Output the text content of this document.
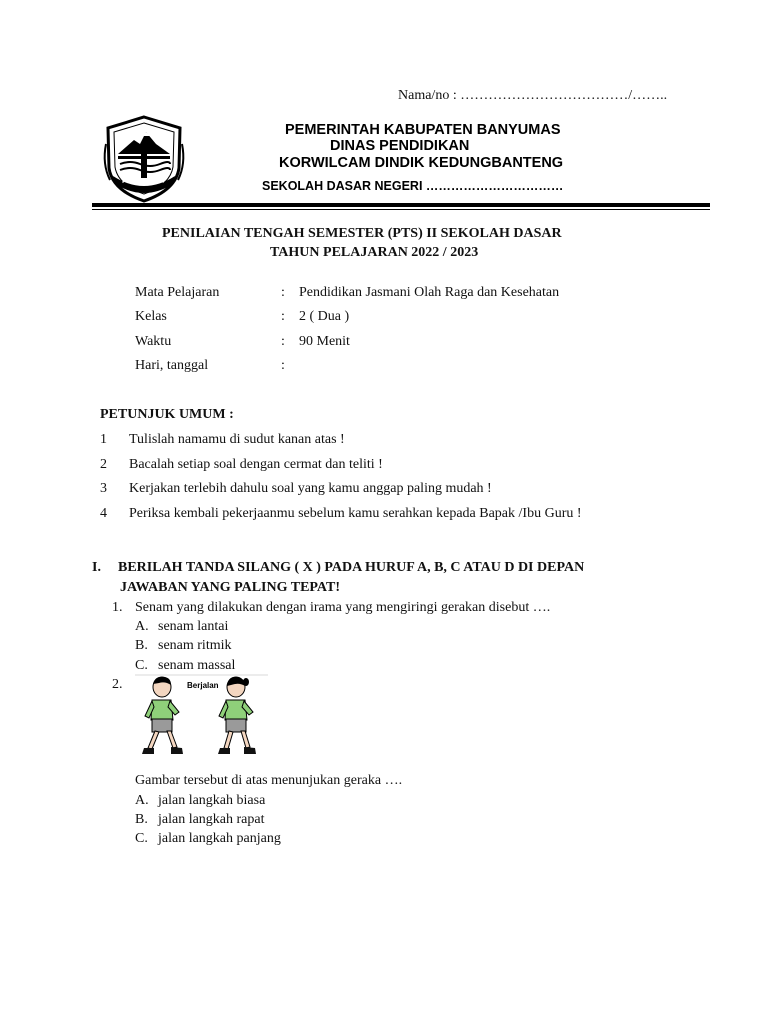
Nama/no : ………………………………/……..
PEMERINTAH KABUPATEN BANYUMAS
DINAS PENDIDIKAN
KORWILCAM DINDIK KEDUNGBANTENG
SEKOLAH DASAR NEGERI ……………………………
PENILAIAN TENGAH SEMESTER (PTS) II SEKOLAH DASAR
TAHUN PELAJARAN 2022 / 2023
Mata Pelajaran	: Pendidikan Jasmani Olah Raga dan Kesehatan
Kelas	: 2 ( Dua )
Waktu	: 90 Menit
Hari, tanggal	:
PETUNJUK UMUM :
1 Tulislah namamu di sudut kanan atas !
2 Bacalah setiap soal dengan cermat dan teliti !
3 Kerjakan terlebih dahulu soal yang kamu anggap paling mudah !
4 Periksa kembali pekerjaanmu sebelum kamu serahkan kepada Bapak /Ibu Guru !
I. BERILAH TANDA SILANG ( X ) PADA HURUF A, B, C ATAU D DI DEPAN
JAWABAN YANG PALING TEPAT!
1. Senam yang dilakukan dengan irama yang mengiringi gerakan disebut ….
A. senam lantai
B. senam ritmik
C. senam massal
2.	Berjalan
Gambar tersebut di atas menunjukan geraka ….
A. jalan langkah biasa
B. jalan langkah rapat
C. jalan langkah panjang
